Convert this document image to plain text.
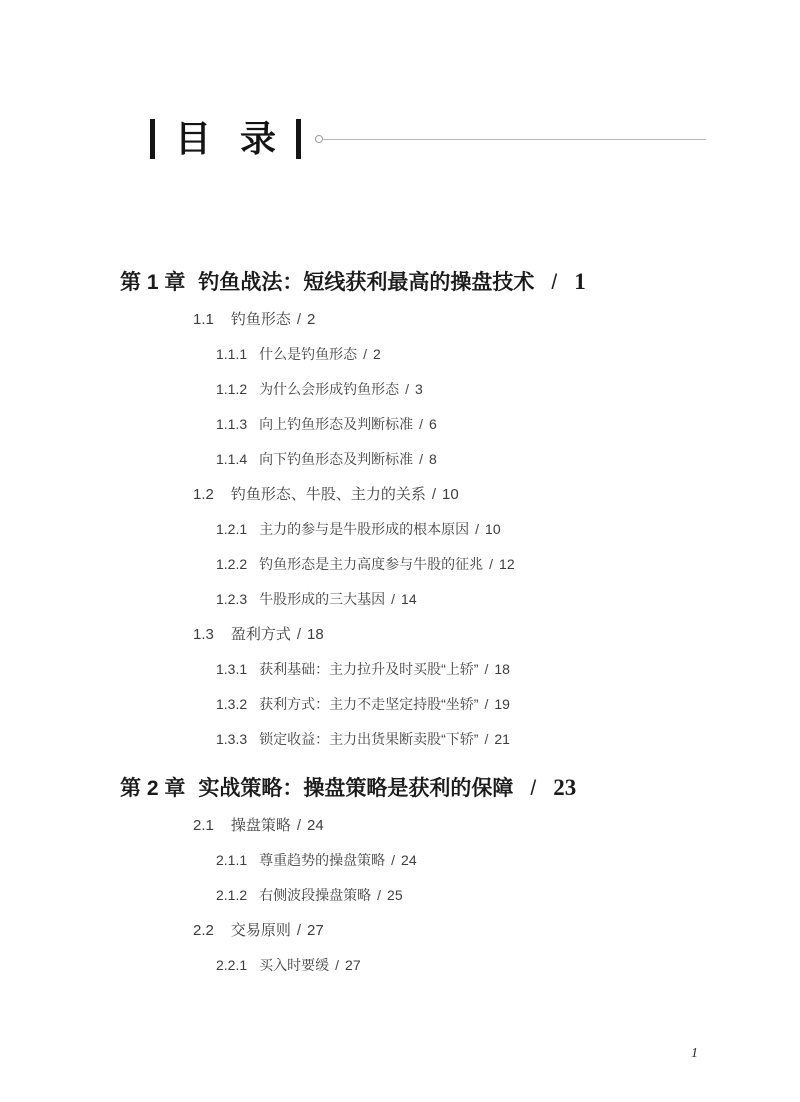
目 录
第 1 章 钓鱼战法：短线获利最高的操盘技术 / 1
1.1 钓鱼形态 / 2
1.1.1 什么是钓鱼形态 / 2
1.1.2 为什么会形成钓鱼形态 / 3
1.1.3 向上钓鱼形态及判断标准 / 6
1.1.4 向下钓鱼形态及判断标准 / 8
1.2 钓鱼形态、牛股、主力的关系 / 10
1.2.1 主力的参与是牛股形成的根本原因 / 10
1.2.2 钓鱼形态是主力高度参与牛股的征兆 / 12
1.2.3 牛股形成的三大基因 / 14
1.3 盈利方式 / 18
1.3.1 获利基础：主力拉升及时买股“上轿” / 18
1.3.2 获利方式：主力不走坚定持股“坐轿” / 19
1.3.3 锁定收益：主力出货果断卖股“下轿” / 21
第 2 章 实战策略：操盘策略是获利的保障 / 23
2.1 操盘策略 / 24
2.1.1 尊重趋势的操盘策略 / 24
2.1.2 右侧波段操盘策略 / 25
2.2 交易原则 / 27
2.2.1 买入时要缓 / 27
1
